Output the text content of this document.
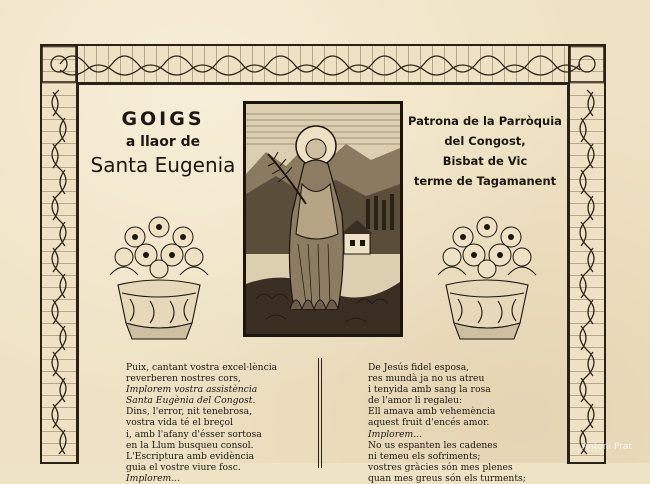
GOIGS
a llaor de
Santa Eugenia
Patrona de la Parròquia
del Congost,
Bisbat de Vic
terme de Tagamanent
Puix, cantant vostra excel·lència
reverberen nostres cors,
Implorem vostra assistència
Santa Eugènia del Congost.
Dins, l'error, nit tenebrosa,
vostra vida té el breçol
i, amb l'afany d'ésser sortosa
en la Llum busqueu consol.
L'Escriptura amb evidència
guia el vostre viure fosc.
Implorem...
De Jesús fidel esposa,
res mundà ja no us atreu
i tenyida amb sang la rosa
de l'amor li regaleu:
Ell amava amb vehemència
aquest fruit d'encés amor.
Implorem...
No us espanten les cadenes
ni temeu els sofriments;
vostres gràcies són mes plenes
quan mes greus són els turments;
Antoni Prat
